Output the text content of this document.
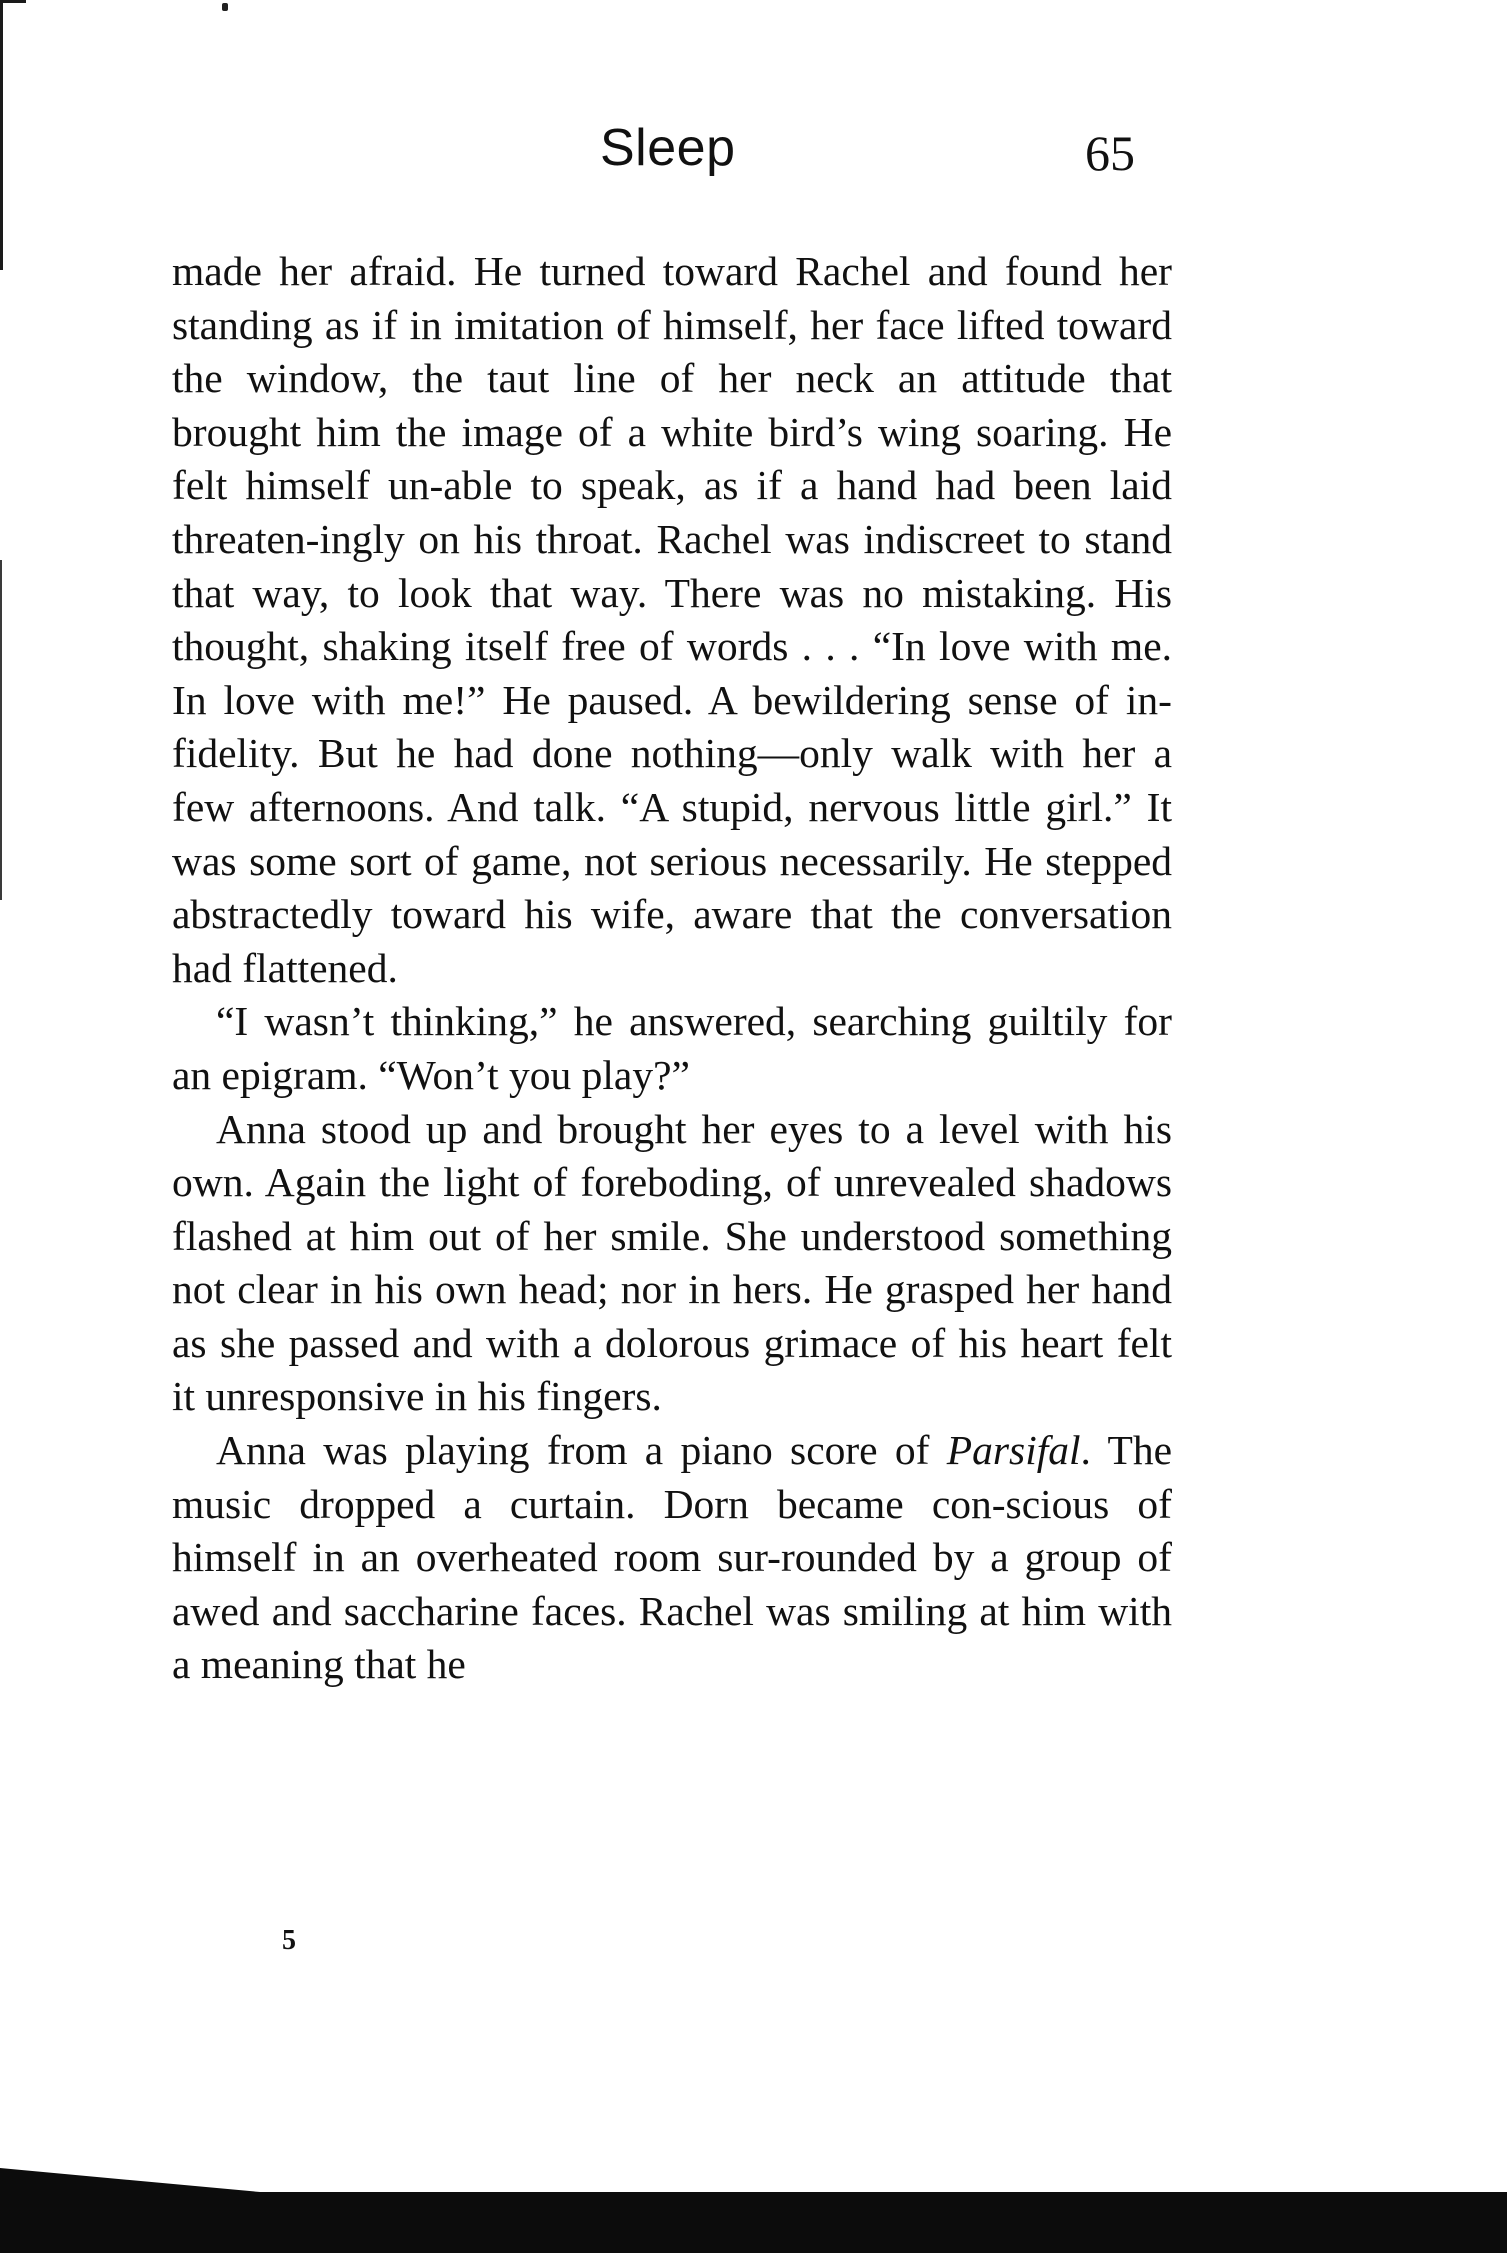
Sleep	65

made her afraid. He turned toward Rachel and found her standing as if in imitation of himself, her face lifted toward the window, the taut line of her neck an attitude that brought him the image of a white bird’s wing soaring. He felt himself un-able to speak, as if a hand had been laid threaten-ingly on his throat. Rachel was indiscreet to stand that way, to look that way. There was no mistaking. His thought, shaking itself free of words . . . “In love with me. In love with me!” He paused. A bewildering sense of in-fidelity. But he had done nothing—only walk with her a few afternoons. And talk. “A stupid, nervous little girl.” It was some sort of game, not serious necessarily. He stepped abstractedly toward his wife, aware that the conversation had flattened.

“I wasn’t thinking,” he answered, searching guiltily for an epigram. “Won’t you play?”

Anna stood up and brought her eyes to a level with his own. Again the light of foreboding, of unrevealed shadows flashed at him out of her smile. She understood something not clear in his own head; nor in hers. He grasped her hand as she passed and with a dolorous grimace of his heart felt it unresponsive in his fingers.

Anna was playing from a piano score of Parsifal. The music dropped a curtain. Dorn became con-scious of himself in an overheated room sur-rounded by a group of awed and saccharine faces. Rachel was smiling at him with a meaning that he

5
